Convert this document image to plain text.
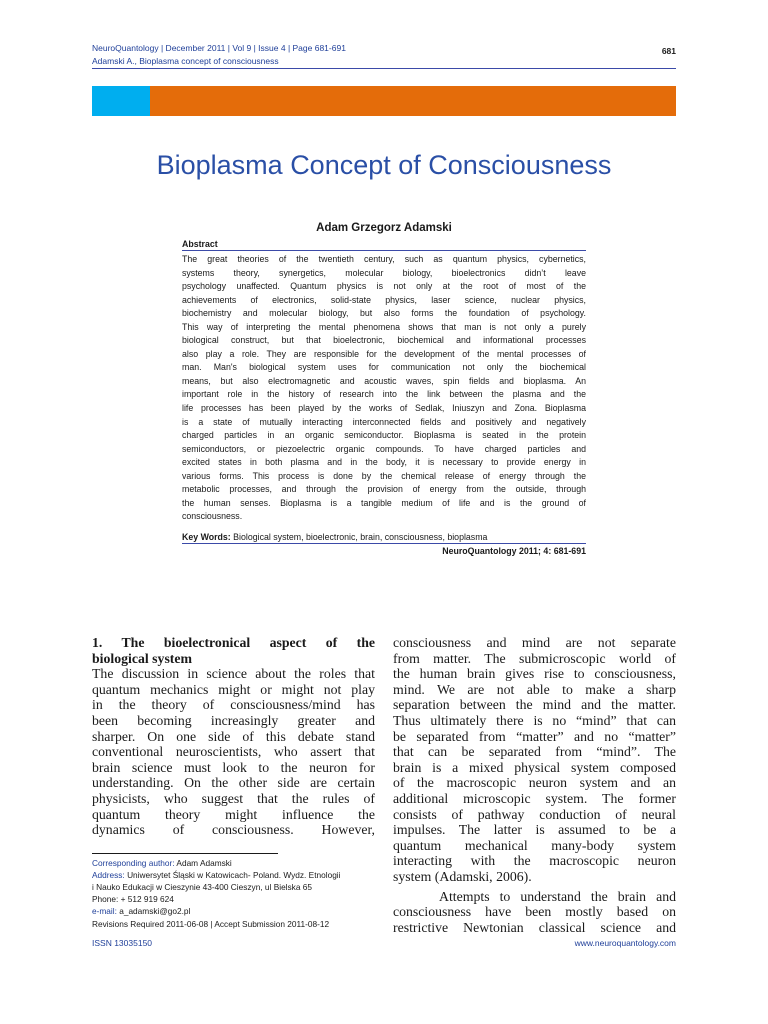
NeuroQuantology | December 2011 | Vol 9 | Issue 4 | Page 681-691
Adamski A., Bioplasma concept of consciousness
681
Bioplasma Concept of Consciousness
Adam Grzegorz Adamski
Abstract
The great theories of the twentieth century, such as quantum physics, cybernetics,
systems theory, synergetics, molecular biology, bioelectronics didn’t leave
psychology unaffected. Quantum physics is not only at the root of most of the
achievements of electronics, solid-state physics, laser science, nuclear physics,
biochemistry and molecular biology, but also forms the foundation of psychology.
This way of interpreting the mental phenomena shows that man is not only a purely
biological construct, but that bioelectronic, biochemical and informational processes
also play a role. They are responsible for the development of the mental processes of
man. Man's biological system uses for communication not only the biochemical
means, but also electromagnetic and acoustic waves, spin fields and bioplasma. An
important role in the history of research into the link between the plasma and the
life processes has been played by the works of Sedlak, Iniuszyn and Zona. Bioplasma
is a state of mutually interacting interconnected fields and positively and negatively
charged particles in an organic semiconductor. Bioplasma is seated in the protein
semiconductors, or piezoelectric organic compounds. To have charged particles and
excited states in both plasma and in the body, it is necessary to provide energy in
various forms. This process is done by the chemical release of energy through the
metabolic processes, and through the provision of energy from the outside, through
the human senses. Bioplasma is a tangible medium of life and is the ground of
consciousness.
Key Words: Biological system, bioelectronic, brain, consciousness, bioplasma
NeuroQuantology 2011; 4: 681-691
1. The bioelectronical aspect of the
biological system
The discussion in science about the roles that
quantum mechanics might or might not play
in the theory of consciousness/mind has
been becoming increasingly greater and
sharper. On one side of this debate stand
conventional neuroscientists, who assert that
brain science must look to the neuron for
understanding. On the other side are certain
physicists, who suggest that the rules of
quantum theory might influence the
dynamics of consciousness. However,
Corresponding author: Adam Adamski
Address: Uniwersytet Śląski w Katowicach- Poland. Wydz. Etnologii
i Nauko Edukacji w Cieszynie 43-400 Cieszyn, ul Bielska 65
Phone: + 512 919 624
e-mail: a_adamski@go2.pl
Revisions Required 2011-06-08 | Accept Submission 2011-08-12
consciousness and mind are not separate
from matter. The submicroscopic world of
the human brain gives rise to consciousness,
mind. We are not able to make a sharp
separation between the mind and the matter.
Thus ultimately there is no “mind” that can
be separated from “matter” and no “matter”
that can be separated from “mind”. The
brain is a mixed physical system composed
of the macroscopic neuron system and an
additional microscopic system. The former
consists of pathway conduction of neural
impulses. The latter is assumed to be a
quantum mechanical many-body system
interacting with the macroscopic neuron
system (Adamski, 2006).
Attempts to understand the brain and
consciousness have been mostly based on
restrictive Newtonian classical science and
ISSN 13035150	www.neuroquantology.com
